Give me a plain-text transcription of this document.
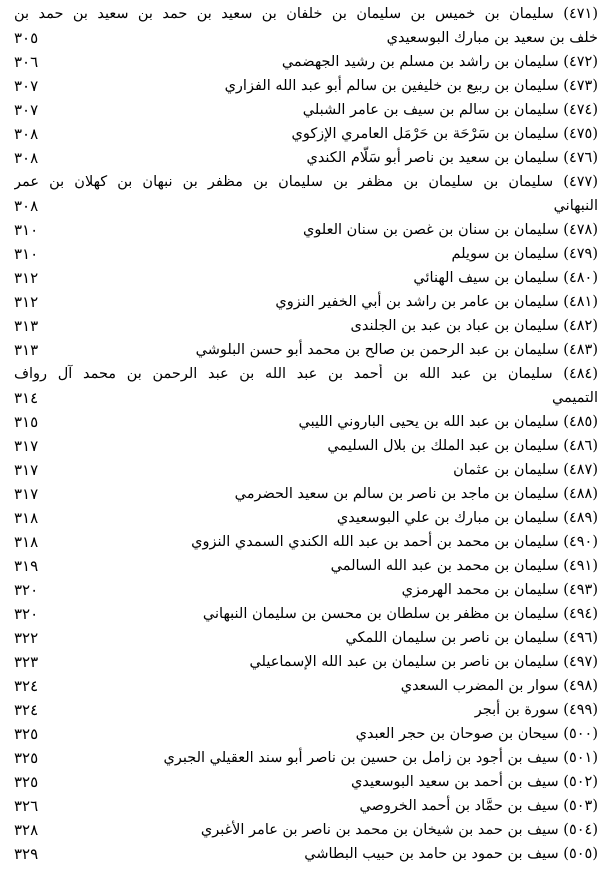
(٤٧١) سليمان بن خميس بن سليمان بن خلفان بن سعيد بن حمد بن سعيد بن حمد بن
خلف بن سعيد بن مبارك البوسعيدي
٣٠٥
(٤٧٢) سليمان بن راشد بن مسلم بن رشيد الجهضمي
٣٠٦
(٤٧٣) سليمان بن ربيع بن خليفين بن سالم أبو عبد الله الفزاري
٣٠٧
(٤٧٤) سليمان بن سالم بن سيف بن عامر الشبلي
٣٠٧
(٤٧٥) سليمان بن سَرْحَة بن حَرْمَل العامري الإزكوي
٣٠٨
(٤٧٦) سليمان بن سعيد بن ناصر أبو سَلّام الكندي
٣٠٨
(٤٧٧) سليمان بن سليمان بن مظفر بن سليمان بن مظفر بن نبهان بن كهلان بن عمر
النبهاني
٣٠٨
(٤٧٨) سليمان بن سنان بن غصن بن سنان العلوي
٣١٠
(٤٧٩) سليمان بن سويلم
٣١٠
(٤٨٠) سليمان بن سيف الهنائي
٣١٢
(٤٨١) سليمان بن عامر بن راشد بن أبي الخفير النزوي
٣١٢
(٤٨٢) سليمان بن عباد بن عبد بن الجلندى
٣١٣
(٤٨٣) سليمان بن عبد الرحمن بن صالح بن محمد أبو حسن البلوشي
٣١٣
(٤٨٤) سليمان بن عبد الله بن أحمد بن عبد الله بن عبد الرحمن بن محمد آل رواف
التميمي
٣١٤
(٤٨٥) سليمان بن عبد الله بن يحيى الباروني الليبي
٣١٥
(٤٨٦) سليمان بن عبد الملك بن بلال السليمي
٣١٧
(٤٨٧) سليمان بن عثمان
٣١٧
(٤٨٨) سليمان بن ماجد بن ناصر بن سالم بن سعيد الحضرمي
٣١٧
(٤٨٩) سليمان بن مبارك بن علي البوسعيدي
٣١٨
(٤٩٠) سليمان بن محمد بن أحمد بن عبد الله الكندي السمدي النزوي
٣١٨
(٤٩١) سليمان بن محمد بن عبد الله السالمي
٣١٩
(٤٩٣) سليمان بن محمد الهرمزي
٣٢٠
(٤٩٤) سليمان بن مظفر بن سلطان بن محسن بن سليمان النبهاني
٣٢٠
(٤٩٦) سليمان بن ناصر بن سليمان اللمكي
٣٢٢
(٤٩٧) سليمان بن ناصر بن سليمان بن عبد الله الإسماعيلي
٣٢٣
(٤٩٨) سوار بن المضرب السعدي
٣٢٤
(٤٩٩) سورة بن أبجر
٣٢٤
(٥٠٠) سيحان بن صوحان بن حجر العبدي
٣٢٥
(٥٠١) سيف بن أجود بن زامل بن حسين بن ناصر أبو سند العقيلي الجبري
٣٢٥
(٥٠٢) سيف بن أحمد بن سعيد البوسعيدي
٣٢٥
(٥٠٣) سيف بن حمَّاد بن أحمد الخروصي
٣٢٦
(٥٠٤) سيف بن حمد بن شيخان بن محمد بن ناصر بن عامر الأغبري
٣٢٨
(٥٠٥) سيف بن حمود بن حامد بن حبيب البطاشي
٣٢٩
